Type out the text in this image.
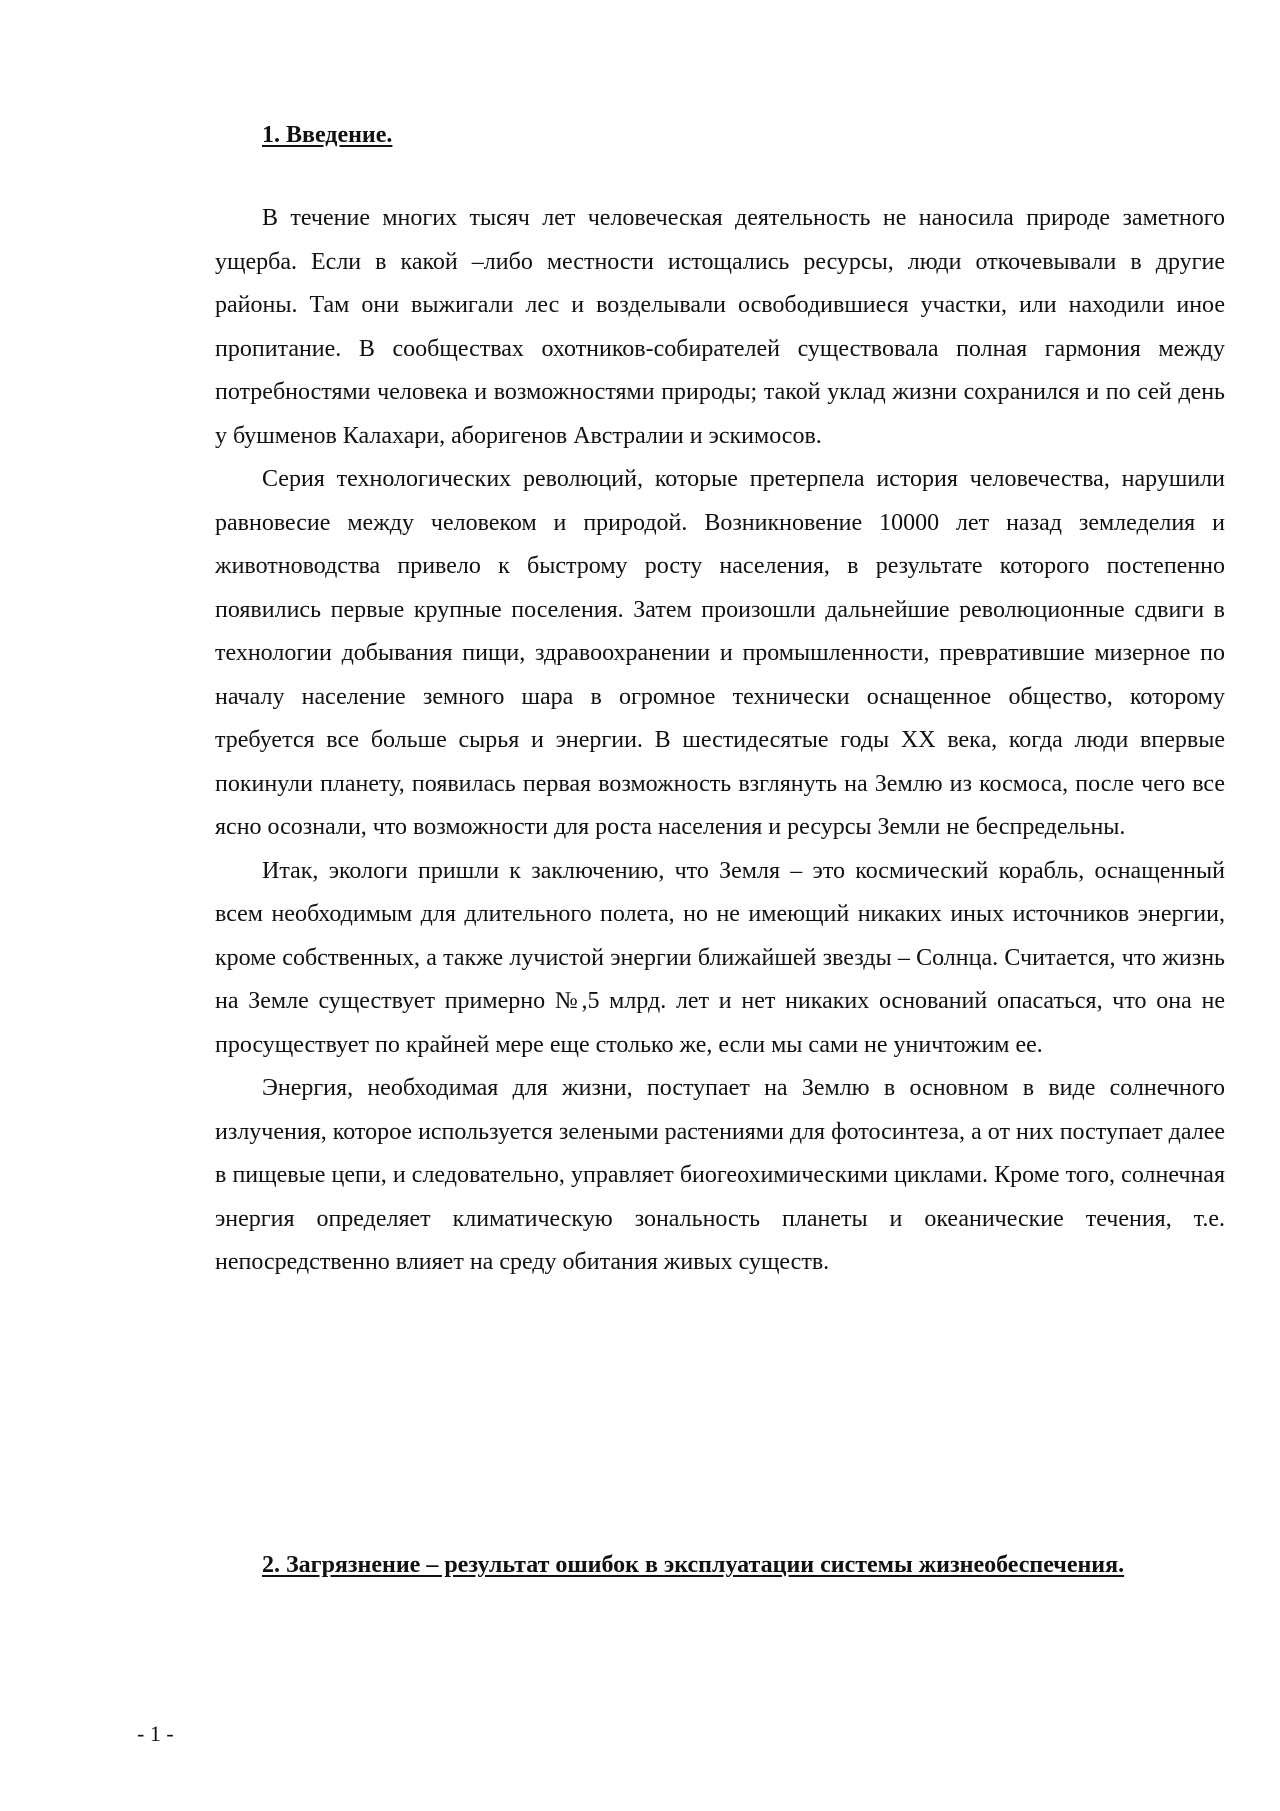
1. Введение.

В течение многих тысяч лет человеческая деятельность не наносила природе заметного ущерба. Если в какой –либо местности истощались ресурсы, люди откочевывали в другие районы. Там они выжигали лес и возделывали освободившиеся участки, или находили иное пропитание. В сообществах охотников-собирателей существовала полная гармония между потребностями человека и возможностями природы; такой уклад жизни сохранился и по сей день у бушменов Калахари, аборигенов Австралии и эскимосов.

Серия технологических революций, которые претерпела история человечества, нарушили равновесие между человеком и природой. Возникновение 10000 лет назад земледелия и животноводства привело к быстрому росту населения, в результате которого постепенно появились первые крупные поселения. Затем произошли дальнейшие революционные сдвиги в технологии добывания пищи, здравоохранении и промышленности, превратившие мизерное по началу население земного шара в огромное технически оснащенное общество, которому требуется все больше сырья и энергии. В шестидесятые годы XX века, когда люди впервые покинули планету, появилась первая возможность взглянуть на Землю из космоса, после чего все ясно осознали, что возможности для роста населения и ресурсы Земли не беспредельны.

Итак, экологи пришли к заключению, что Земля – это космический корабль, оснащенный всем необходимым для длительного полета, но не имеющий никаких иных источников энергии, кроме собственных, а также лучистой энергии ближайшей звезды – Солнца. Считается, что жизнь на Земле существует примерно №,5 млрд. лет и нет никаких оснований опасаться, что она не просуществует по крайней мере еще столько же, если мы сами не уничтожим ее.

Энергия, необходимая для жизни, поступает на Землю в основном в виде солнечного излучения, которое используется зелеными растениями для фотосинтеза, а от них поступает далее в пищевые цепи, и следовательно, управляет биогеохимическими циклами. Кроме того, солнечная энергия определяет климатическую зональность планеты и океанические течения, т.е. непосредственно влияет на среду обитания живых существ.

2. Загрязнение – результат ошибок в эксплуатации системы жизнеобеспечения.

- 1 -
